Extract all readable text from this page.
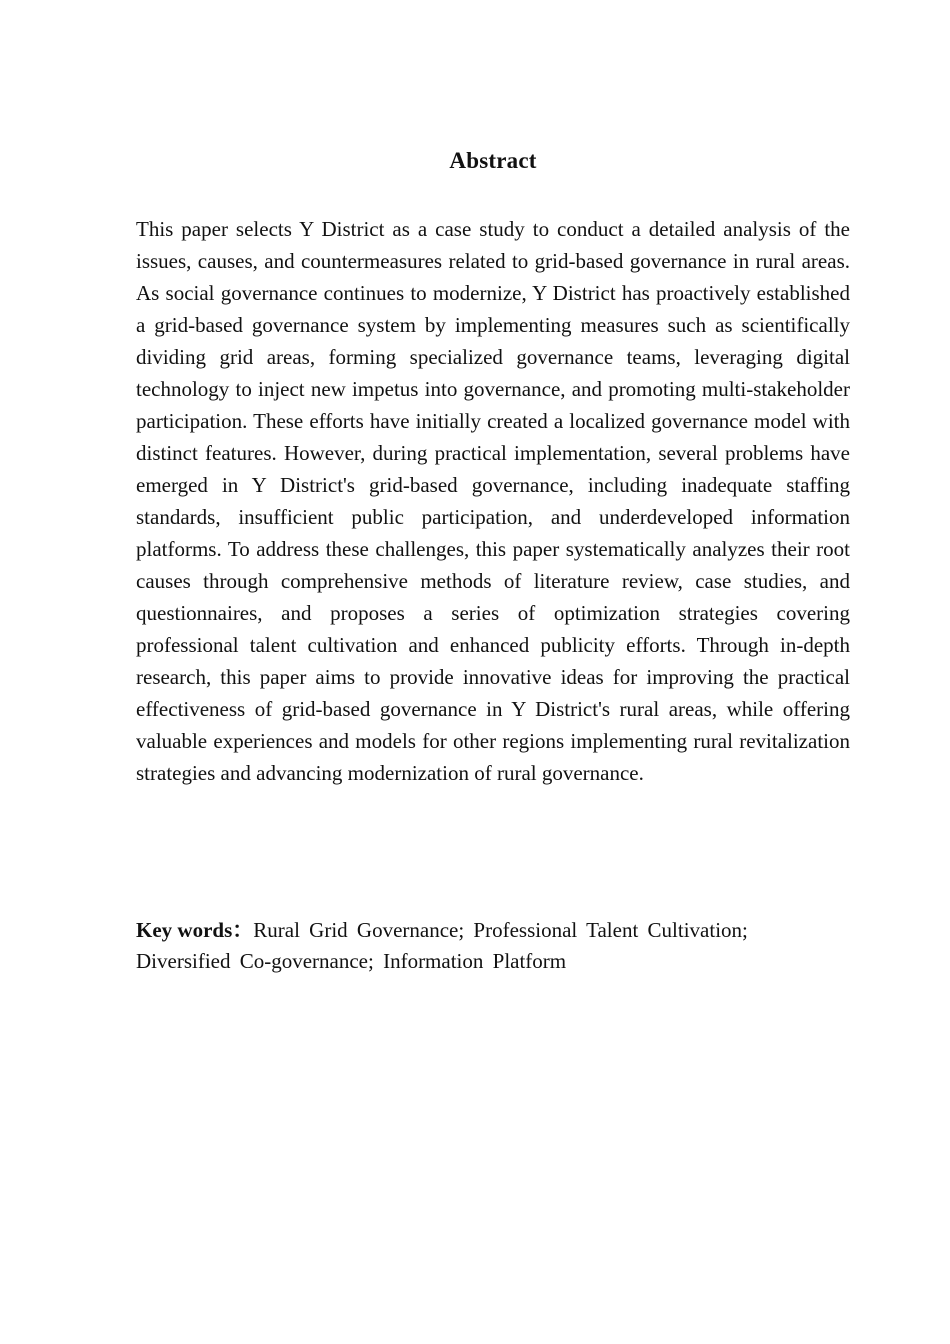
Abstract

This paper selects Y District as a case study to conduct a detailed analysis of the issues, causes, and countermeasures related to grid-based governance in rural areas. As social governance continues to modernize, Y District has proactively established a grid-based governance system by implementing measures such as scientifically dividing grid areas, forming specialized governance teams, leveraging digital technology to inject new impetus into governance, and promoting multi-stakeholder participation. These efforts have initially created a localized governance model with distinct features. However, during practical implementation, several problems have emerged in Y District's grid-based governance, including inadequate staffing standards, insufficient public participation, and underdeveloped information platforms. To address these challenges, this paper systematically analyzes their root causes through comprehensive methods of literature review, case studies, and questionnaires, and proposes a series of optimization strategies covering professional talent cultivation and enhanced publicity efforts. Through in-depth research, this paper aims to provide innovative ideas for improving the practical effectiveness of grid-based governance in Y District's rural areas, while offering valuable experiences and models for other regions implementing rural revitalization strategies and advancing modernization of rural governance.

Key words：Rural Grid Governance; Professional Talent Cultivation; Diversified Co-governance; Information Platform
